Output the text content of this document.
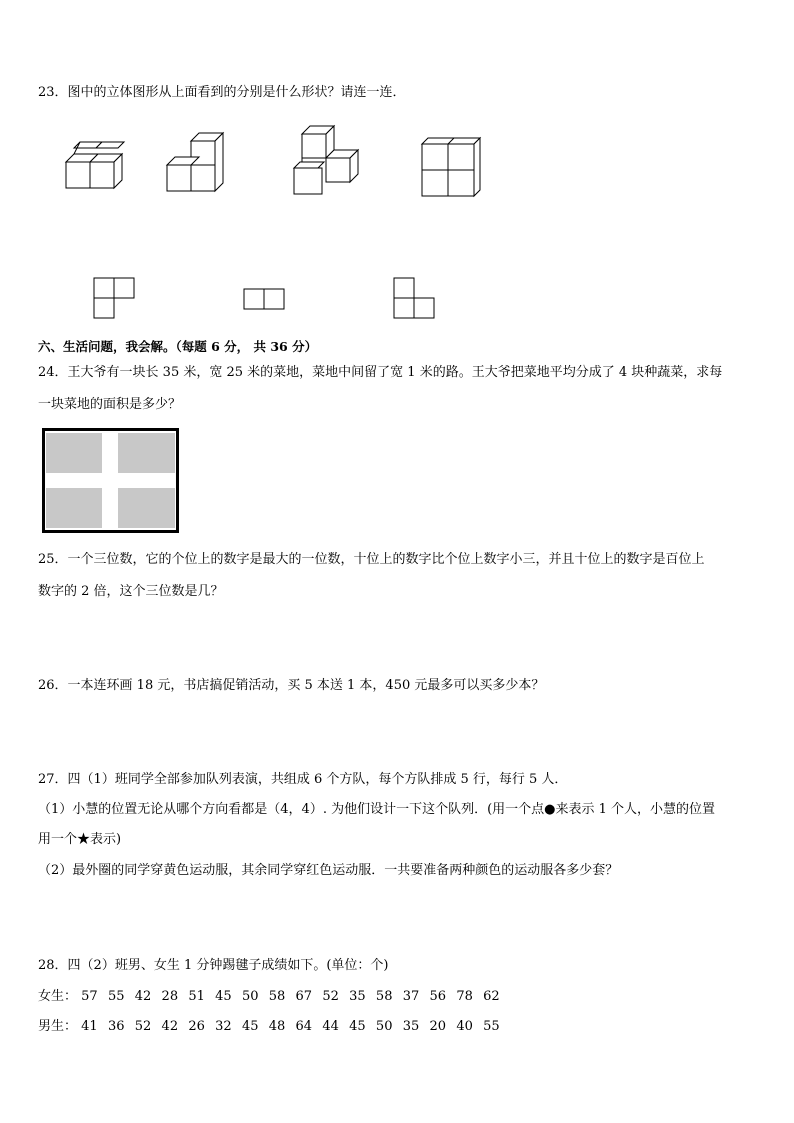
23．图中的立体图形从上面看到的分别是什么形状？请连一连．
六、生活问题，我会解。（每题 6 分， 共 36 分）
24．王大爷有一块长 35 米，宽 25 米的菜地，菜地中间留了宽 1 米的路。王大爷把菜地平均分成了 4 块种蔬菜，求每
一块菜地的面积是多少？
25．一个三位数，它的个位上的数字是最大的一位数，十位上的数字比个位上数字小三，并且十位上的数字是百位上
数字的 2 倍，这个三位数是几？
26．一本连环画 18 元，书店搞促销活动，买 5 本送 1 本，450 元最多可以买多少本？
27．四（1）班同学全部参加队列表演，共组成 6 个方队，每个方队排成 5 行，每行 5 人．
（1）小慧的位置无论从哪个方向看都是（4，4）. 为他们设计一下这个队列．(用一个点●来表示 1 个人，小慧的位置
用一个★表示)
（2）最外圈的同学穿黄色运动服，其余同学穿红色运动服．一共要准备两种颜色的运动服各多少套？
28．四（2）班男、女生 1 分钟踢毽子成绩如下。(单位：个)
女生： 57 55 42 28 51 45 50 58 67 52 35 58 37 56 78 62
男生： 41 36 52 42 26 32 45 48 64 44 45 50 35 20 40 55
